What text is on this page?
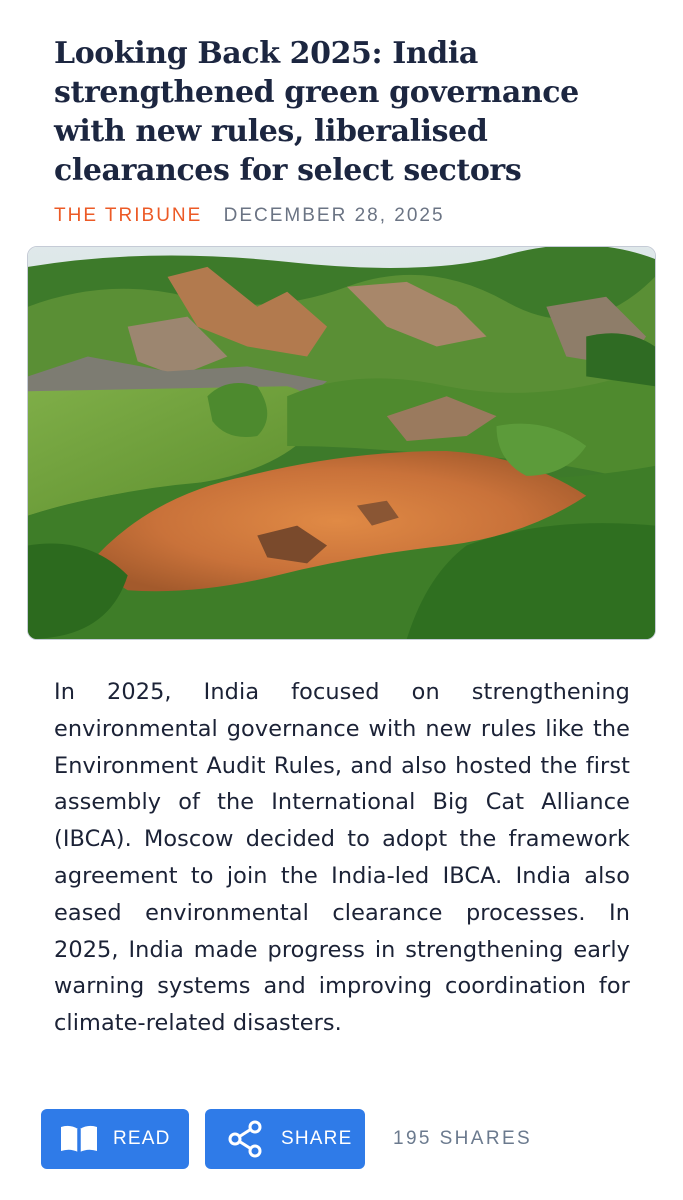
Looking Back 2025: India strengthened green governance with new rules, liberalised clearances for select sectors
THE TRIBUNE DECEMBER 28, 2025

In 2025, India focused on strengthening environmental governance with new rules like the Environment Audit Rules, and also hosted the first assembly of the International Big Cat Alliance (IBCA). Moscow decided to adopt the framework agreement to join the India-led IBCA. India also eased environmental clearance processes. In 2025, India made progress in strengthening early warning systems and improving coordination for climate-related disasters.

READ	SHARE 195 SHARES
